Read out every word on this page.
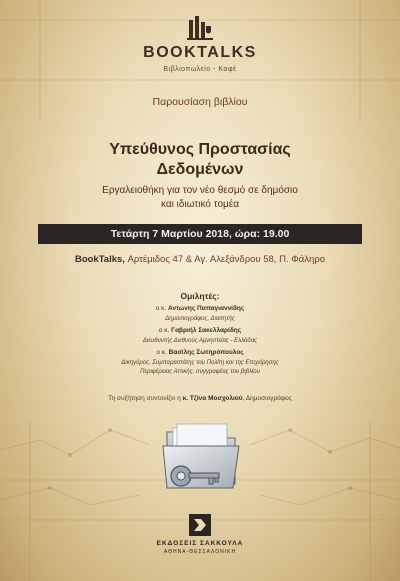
BOOKTALKS
Βιβλιοπωλείο - Καφέ
Παρουσίαση βιβλίου
Υπεύθυνος Προστασίας Δεδομένων
Εργαλειοθήκη για τον νέο θεσμό σε δημόσιο και ιδιωτικό τομέα
Τετάρτη 7 Μαρτίου 2018, ώρα: 19.00
BookTalks, Αρτέμιδος 47 & Αγ. Αλεξάνδρου 58, Π. Φάληρο
Ομιλητές:
ο κ. Αντώνης Παπαγιαννίδης
Δημοσιογράφος, Διαιτητής
ο κ. Γαβριήλ Σακελλαρίδης
Διευθυντής Διεθνούς Αμνηστείας - Ελλάδας
ο κ. Βασίλης Σωτηρόπουλος
Δικηγόρος, Συμπαραστάτης του Πολίτη και της Επιχείρησης
Περιφέρειας Αττικής, συγγραφέας του βιβλίου
Τη συζήτηση συντονίζει η κ. Τζίνα Μοσχολιού, Δημοσιογράφος
ΕΚΔΟΣΕΙΣ ΣΑΚΚΟΥΛΑ
ΑΘΗΝΑ-ΘΕΣΣΑΛΟΝΙΚΗ
